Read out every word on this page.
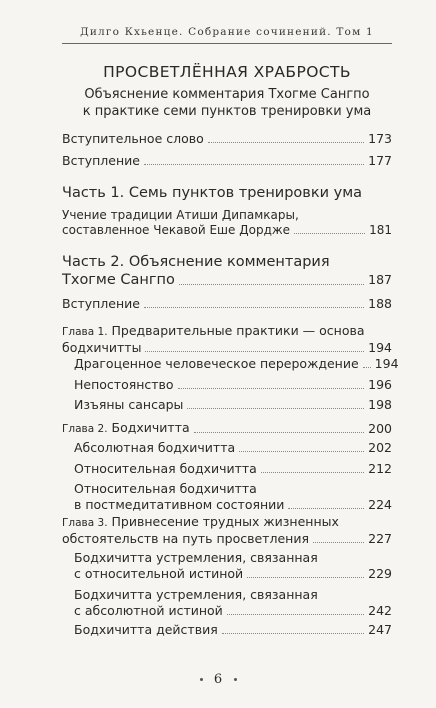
Дилго Кхьенце. Собрание сочинений. Том 1
ПРОСВЕТЛЁННАЯ ХРАБРОСТЬ
Объяснение комментария Тхогме Сангпо
к практике семи пунктов тренировки ума
Вступительное слово	173
Вступление	177
Часть 1. Семь пунктов тренировки ума
Учение традиции Атиши Дипамкары,
составленное Чекавой Еше Дордже	181
Часть 2. Объяснение комментария
Тхогме Сангпо	187
Вступление	188
Глава 1. Предварительные практики — основа
бодхичитты	194
Драгоценное человеческое перерождение 194
Непостоянство	196
Изъяны сансары	198
Глава 2. Бодхичитта	200
Абсолютная бодхичитта	202
Относительная бодхичитта	212
Относительная бодхичитта
в постмедитативном состоянии	224
Глава 3. Привнесение трудных жизненных
обстоятельств на путь просветления	227
Бодхичитта устремления, связанная
с относительной истиной	229
Бодхичитта устремления, связанная
с абсолютной истиной	242
Бодхичитта действия	247
6
